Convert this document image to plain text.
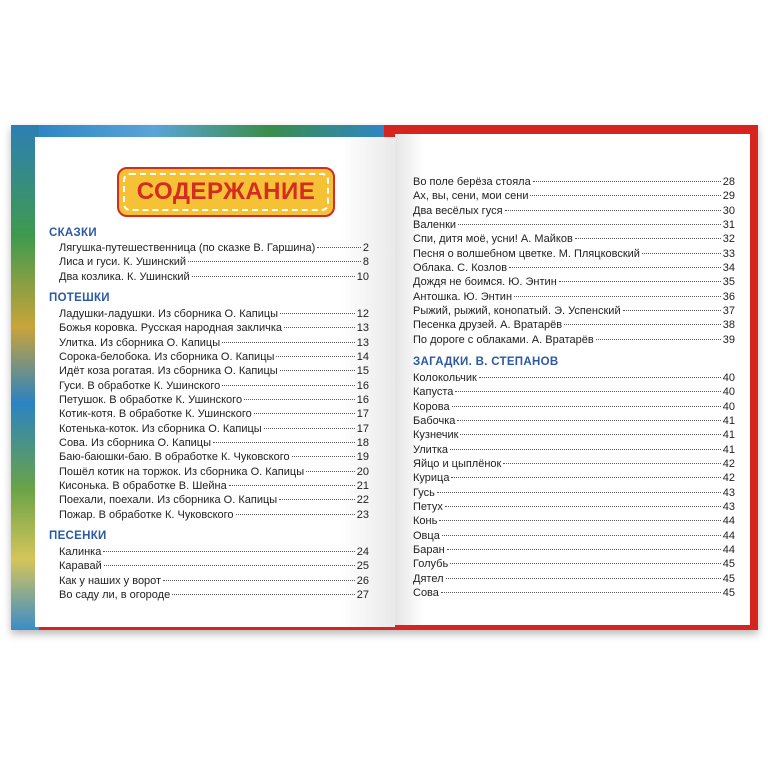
СОДЕРЖАНИЕ
СКАЗКИ
Лягушка-путешественница (по сказке В. Гаршина)	2
Лиса и гуси. К. Ушинский	8
Два козлика. К. Ушинский	10
ПОТЕШКИ
Ладушки-ладушки. Из сборника О. Капицы	12
Божья коровка. Русская народная закличка	13
Улитка. Из сборника О. Капицы	13
Сорока-белобока. Из сборника О. Капицы	14
Идёт коза рогатая. Из сборника О. Капицы	15
Гуси. В обработке К. Ушинского	16
Петушок. В обработке К. Ушинского	16
Котик-котя. В обработке К. Ушинского	17
Котенька-коток. Из сборника О. Капицы	17
Сова. Из сборника О. Капицы	18
Баю-баюшки-баю. В обработке К. Чуковского	19
Пошёл котик на торжок. Из сборника О. Капицы	20
Кисонька. В обработке В. Шейна	21
Поехали, поехали. Из сборника О. Капицы	22
Пожар. В обработке К. Чуковского	23
ПЕСЕНКИ
Калинка	24
Каравай	25
Как у наших у ворот	26
Во саду ли, в огороде	27
Во поле берёза стояла	28
Ах, вы, сени, мои сени	29
Два весёлых гуся	30
Валенки	31
Спи, дитя моё, усни! А. Майков	32
Песня о волшебном цветке. М. Пляцковский	33
Облака. С. Козлов	34
Дождя не боимся. Ю. Энтин	35
Антошка. Ю. Энтин	36
Рыжий, рыжий, конопатый. Э. Успенский	37
Песенка друзей. А. Вратарёв	38
По дороге с облаками. А. Вратарёв	39
ЗАГАДКИ. В. СТЕПАНОВ
Колокольчик	40
Капуста	40
Корова	40
Бабочка	41
Кузнечик	41
Улитка	41
Яйцо и цыплёнок	42
Курица	42
Гусь	43
Петух	43
Конь	44
Овца	44
Баран	44
Голубь	45
Дятел	45
Сова	45
